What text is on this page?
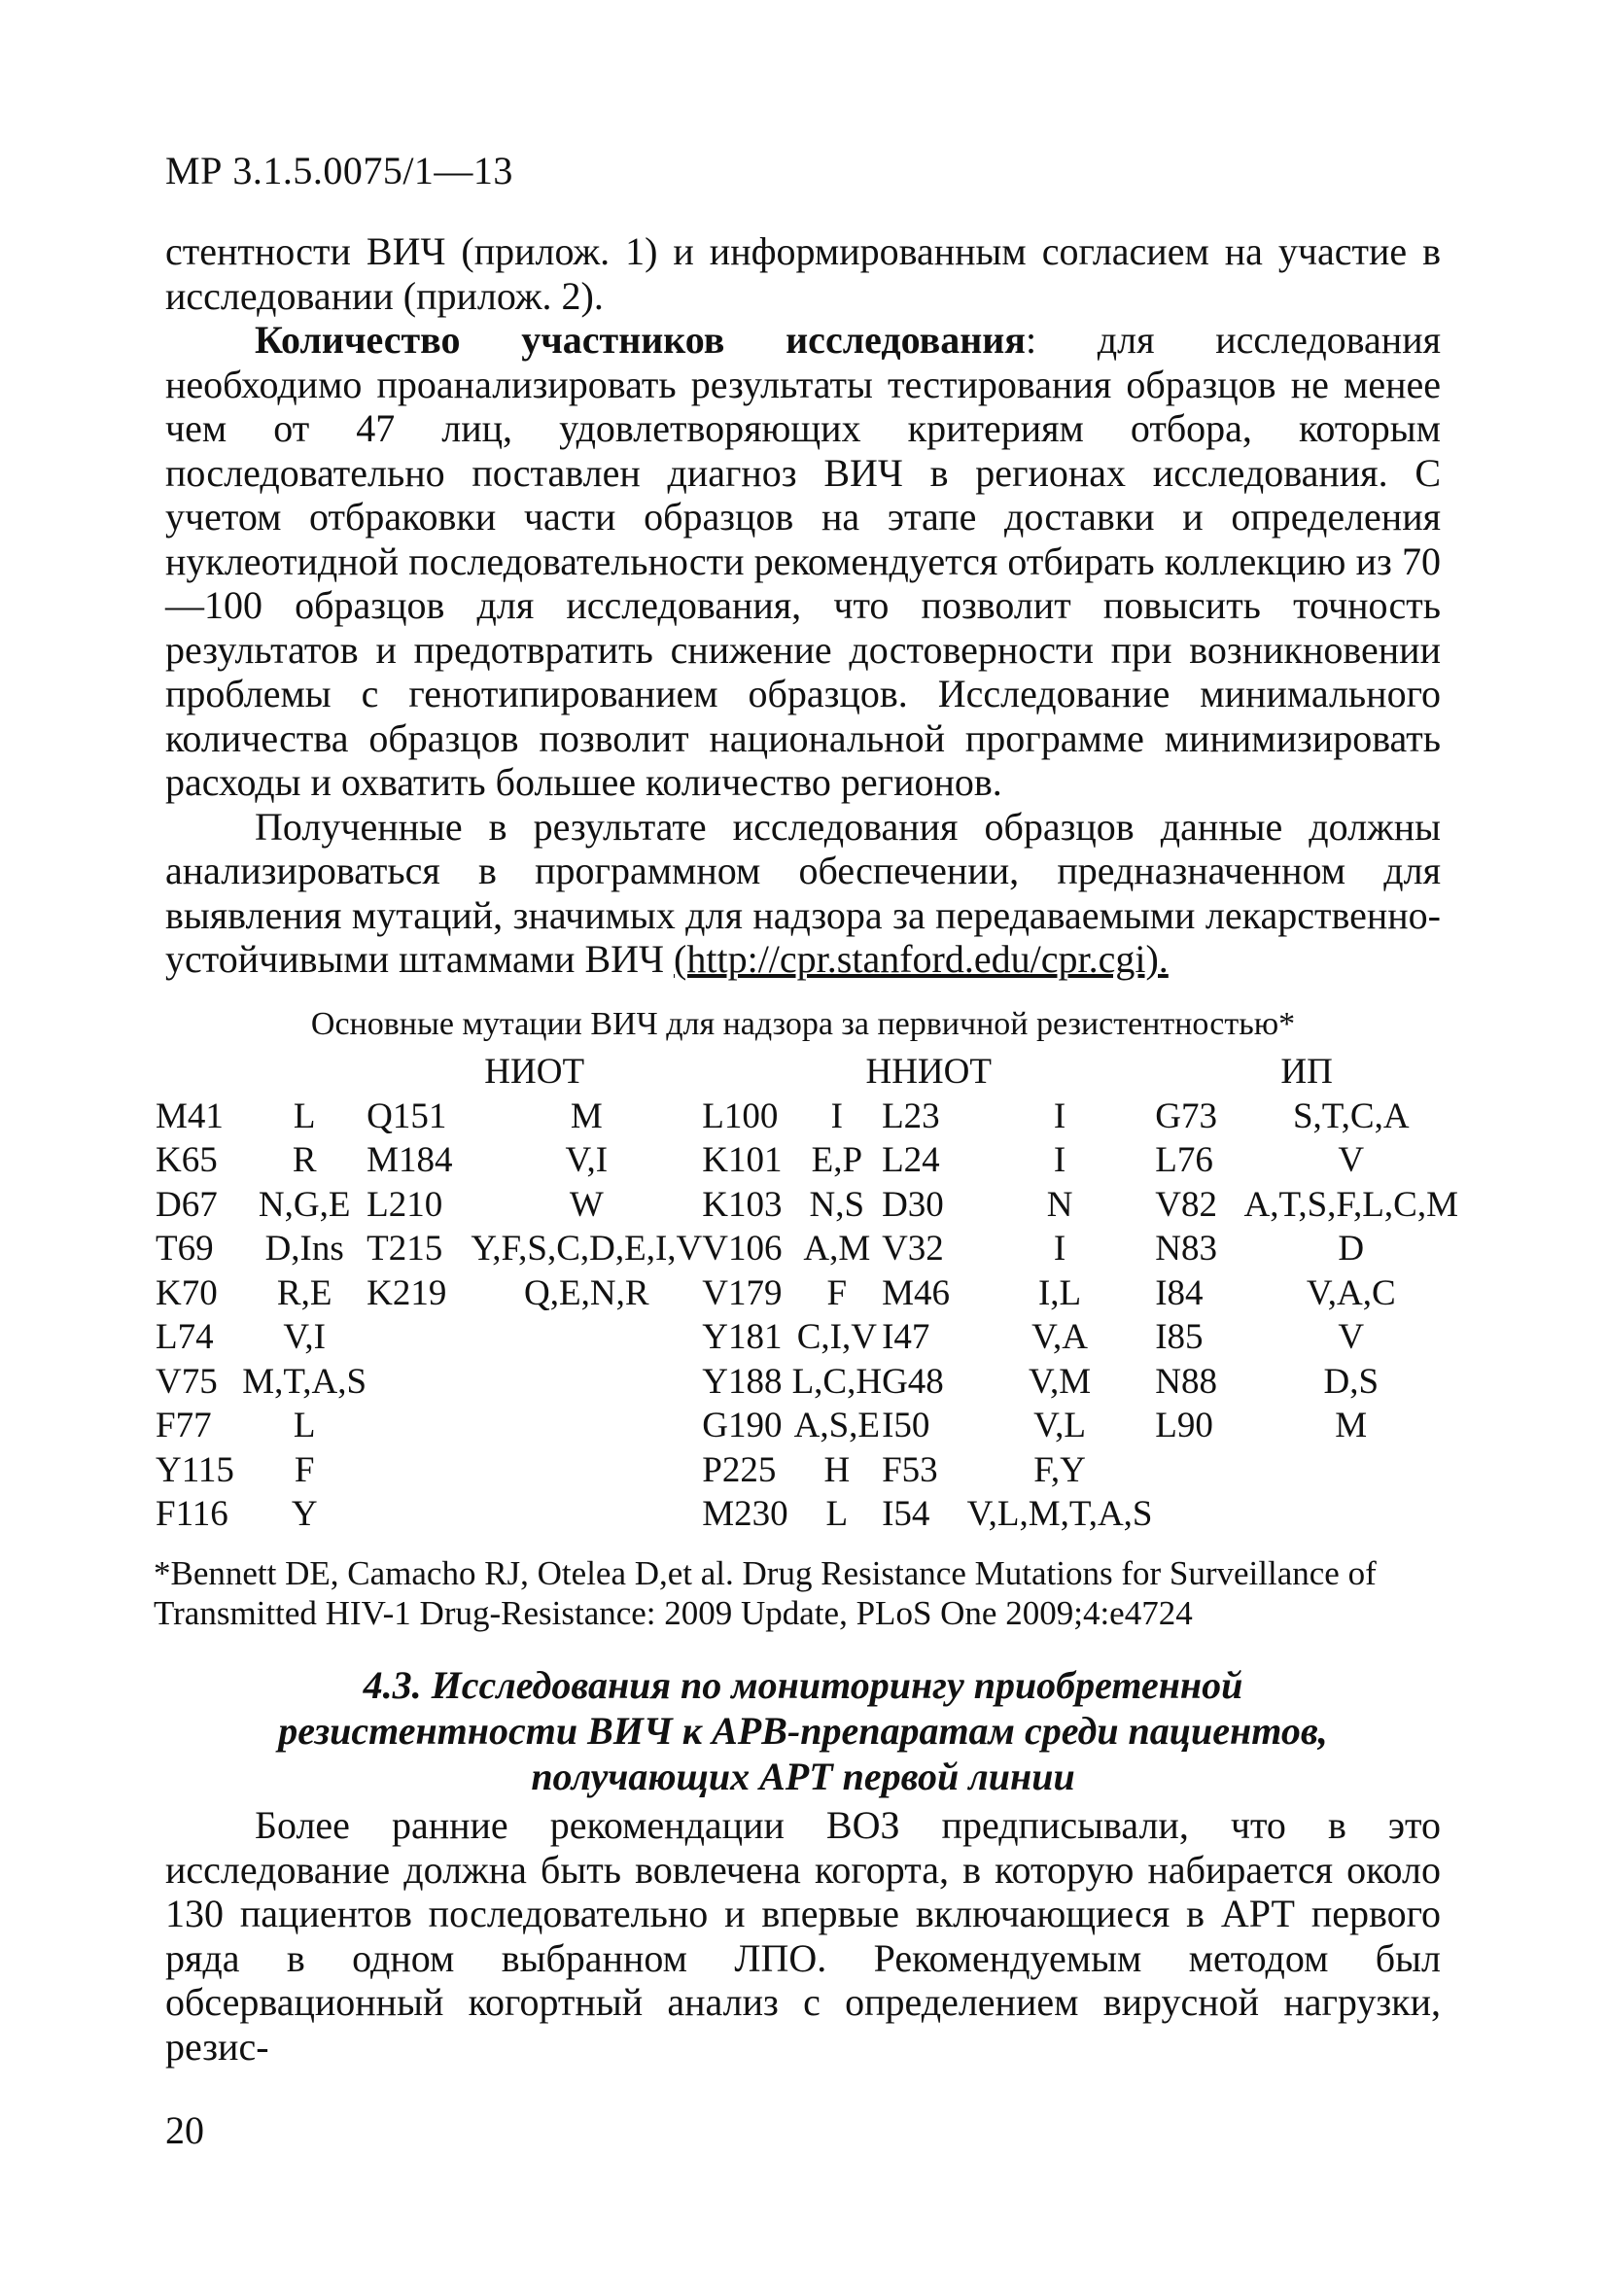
МР 3.1.5.0075/1—13

стентности ВИЧ (прилож. 1) и информированным согласием на участие в исследовании (прилож. 2).

Количество участников исследования: для исследования необходимо проанализировать результаты тестирования образцов не менее чем от 47 лиц, удовлетворяющих критериям отбора, которым последовательно поставлен диагноз ВИЧ в регионах исследования. С учетом отбраковки части образцов на этапе доставки и определения нуклеотидной последовательности рекомендуется отбирать коллекцию из 70—100 образцов для исследования, что позволит повысить точность результатов и предотвратить снижение достоверности при возникновении проблемы с генотипированием образцов. Исследование минимального количества образцов позволит национальной программе минимизировать расходы и охватить большее количество регионов.

Полученные в результате исследования образцов данные должны анализироваться в программном обеспечении, предназначенном для выявления мутаций, значимых для надзора за передаваемыми лекарственно-устойчивыми штаммами ВИЧ (http://cpr.stanford.edu/cpr.cgi).

Основные мутации ВИЧ для надзора за первичной резистентностью*
		НИОТ		ННИОТ				ИП	
M41	L	Q151	M	L100	I	L23	I	G73	S,T,C,A
K65	R	M184	V,I	K101	E,P	L24	I	L76	V
D67	N,G,E	L210	W	K103	N,S	D30	N	V82	A,T,S,F,L,C,M
T69	D,Ins	T215	Y,F,S,C,D,E,I,V	V106	A,M	V32	I	N83	D
K70	R,E	K219	Q,E,N,R	V179	F	M46	I,L	I84	V,A,C
L74	V,I			Y181	C,I,V	I47	V,A	I85	V
V75	M,T,A,S			Y188	L,C,H	G48	V,M	N88	D,S
F77	L			G190	A,S,E	I50	V,L	L90	M
Y115	F			P225	H	F53	F,Y		
F116	Y			M230	L	I54	V,L,M,T,A,S		
*Bennett DE, Camacho RJ, Otelea D,et al. Drug Resistance Mutations for Surveillance of Transmitted HIV-1 Drug-Resistance: 2009 Update, PLoS One 2009;4:e4724
4.3. Исследования по мониторингу приобретенной
резистентности ВИЧ к АРВ-препаратам среди пациентов,
получающих АРТ первой линии

Более ранние рекомендации ВОЗ предписывали, что в это исследование должна быть вовлечена когорта, в которую набирается около 130 пациентов последовательно и впервые включающиеся в АРТ первого ряда в одном выбранном ЛПО. Рекомендуемым методом был обсервационный когортный анализ с определением вирусной нагрузки, резис-

20
